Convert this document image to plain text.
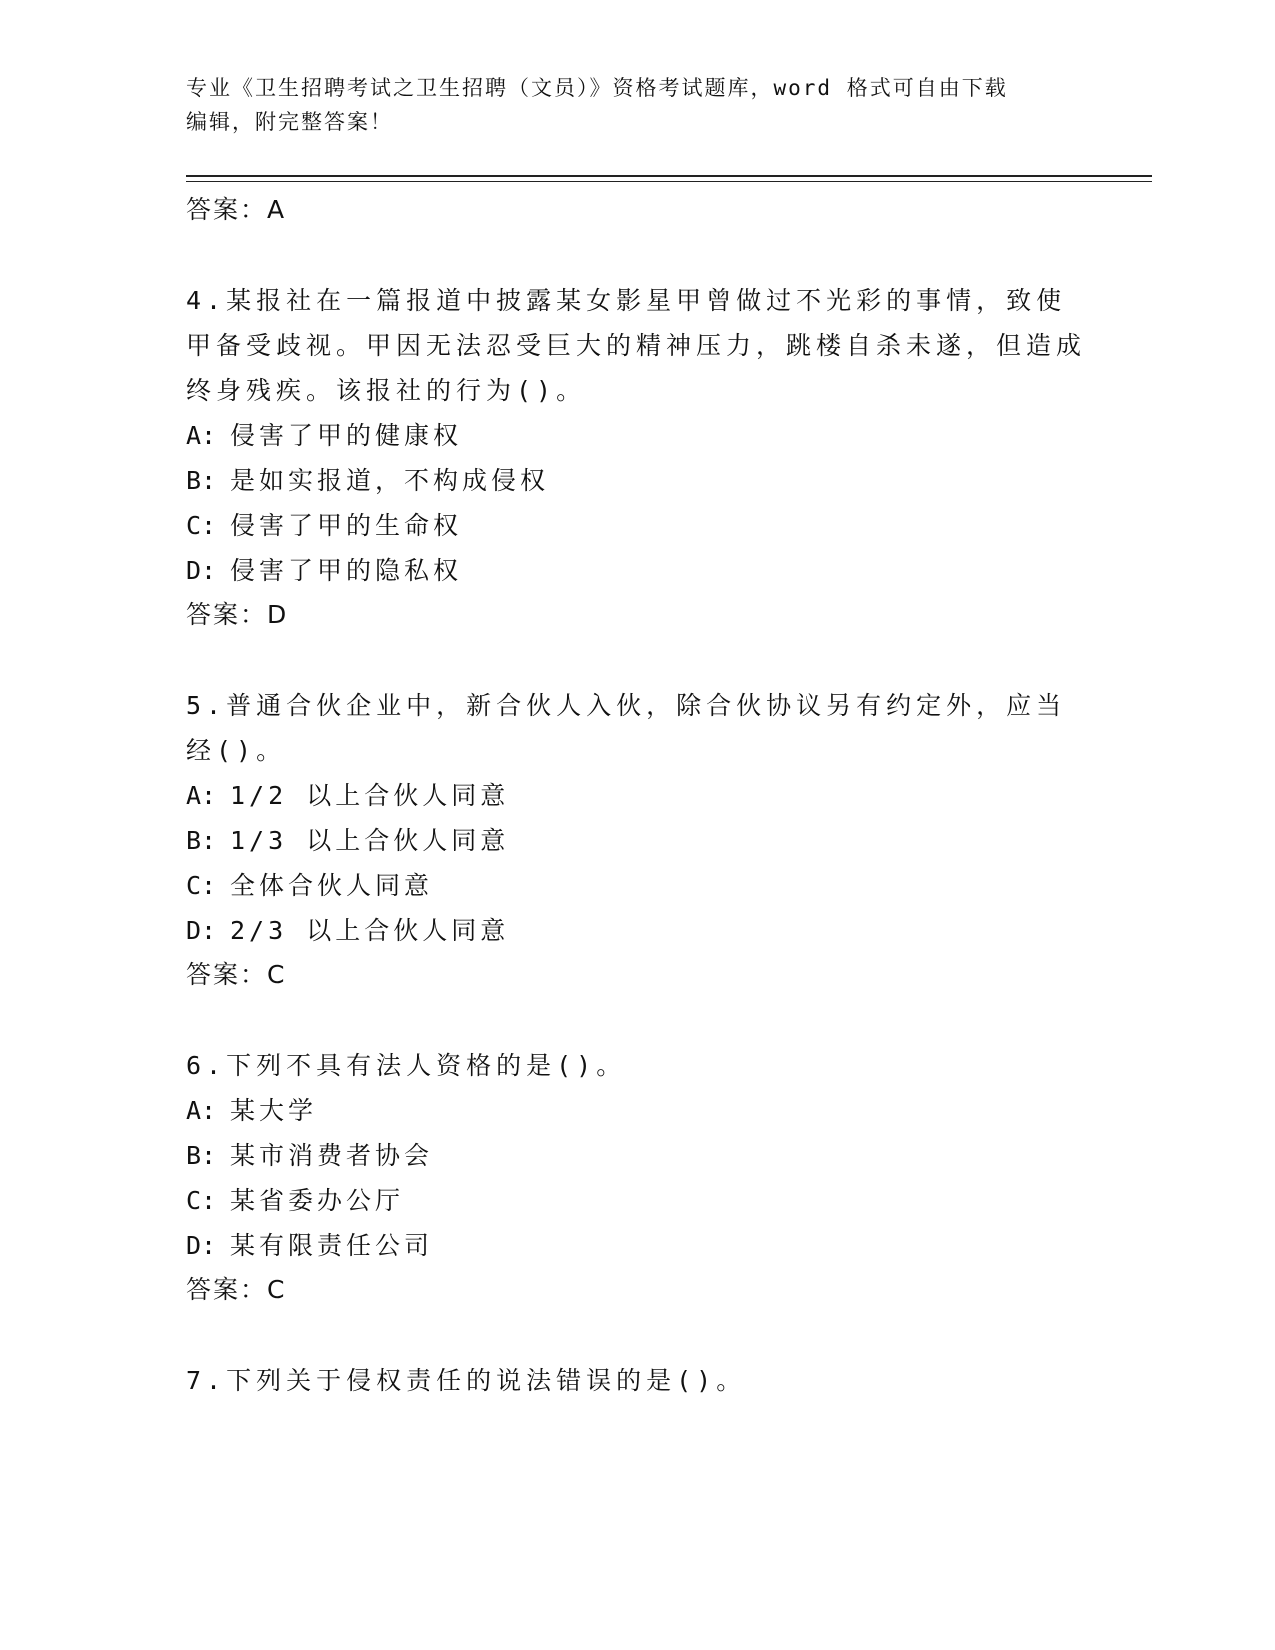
专业《卫生招聘考试之卫生招聘（文员）》资格考试题库，word 格式可自由下载
编辑，附完整答案！
答案：A

4.某报社在一篇报道中披露某女影星甲曾做过不光彩的事情，致使甲备受歧视。甲因无法忍受巨大的精神压力，跳楼自杀未遂，但造成终身残疾。该报社的行为()。

A: 侵害了甲的健康权
B: 是如实报道，不构成侵权
C: 侵害了甲的生命权
D: 侵害了甲的隐私权
答案：D

5.普通合伙企业中，新合伙人入伙，除合伙协议另有约定外，应当经()。

A: 1/2 以上合伙人同意
B: 1/3 以上合伙人同意
C: 全体合伙人同意
D: 2/3 以上合伙人同意
答案：C

6.下列不具有法人资格的是()。

A: 某大学
B: 某市消费者协会
C: 某省委办公厅
D: 某有限责任公司
答案：C

7.下列关于侵权责任的说法错误的是()。
